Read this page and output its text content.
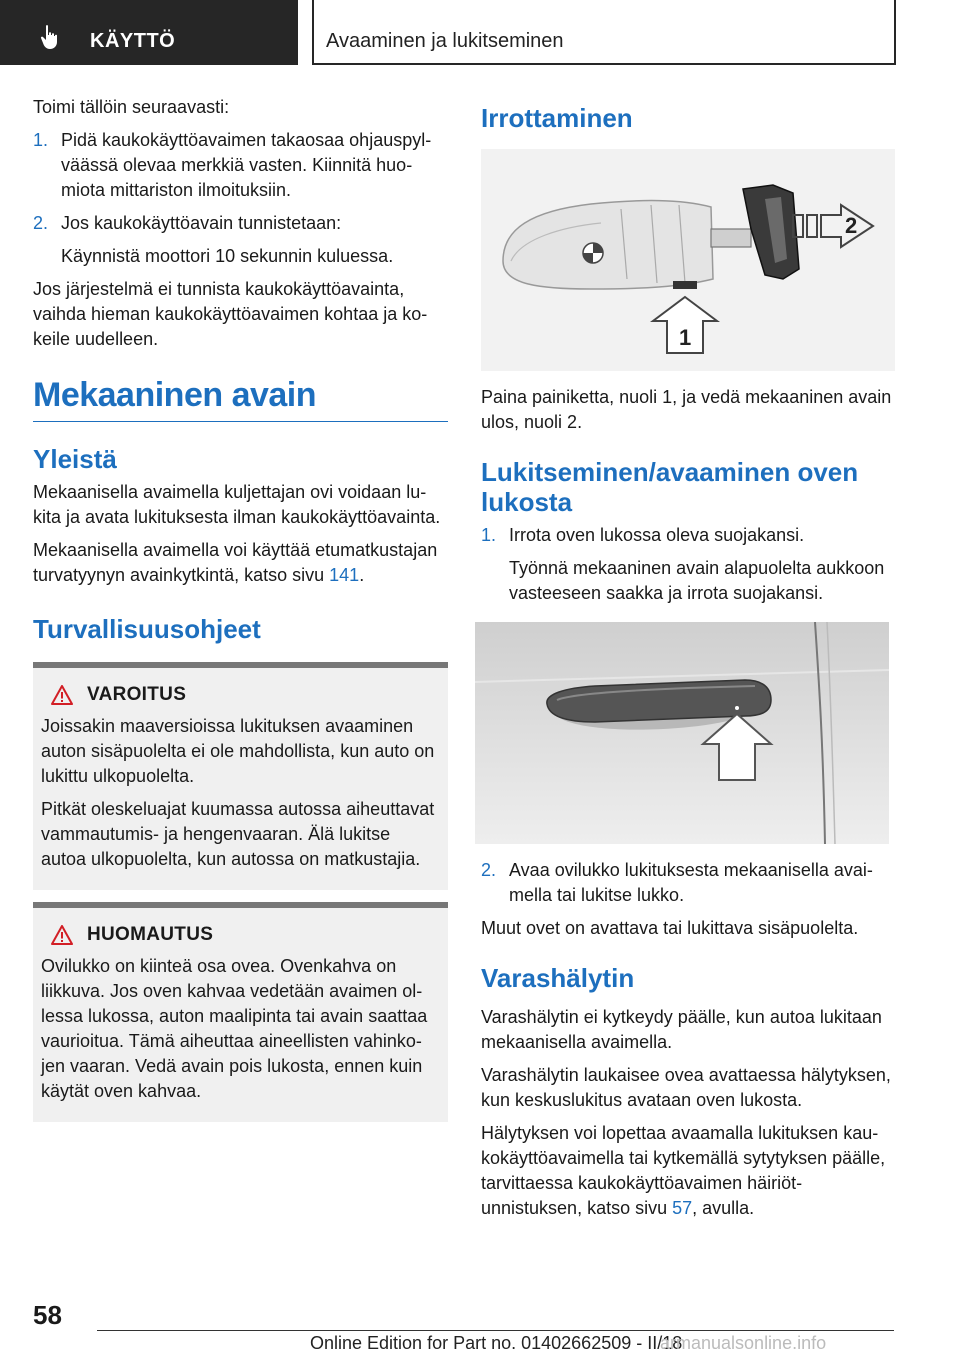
KÄYTTÖ	Avaaminen ja lukitseminen

Toimi tällöin seuraavasti:

1. Pidä kaukokäyttöavaimen takaosaa ohjauspylväässä olevaa merkkiä vasten. Kiinnitä huomiota mittariston ilmoituksiin.
2. Jos kaukokäyttöavain tunnistetaan:
Käynnistä moottori 10 sekunnin kuluessa.

Jos järjestelmä ei tunnista kaukokäyttöavainta, vaihda hieman kaukokäyttöavaimen kohtaa ja kokeile uudelleen.

Mekaaninen avain
Yleistä

Mekaanisella avaimella kuljettajan ovi voidaan lukita ja avata lukituksesta ilman kaukokäyttöavainta.

Mekaanisella avaimella voi käyttää etumatkustajan turvatyynyn avainkytkintä, katso sivu 141.

Turvallisuusohjeet
VAROITUS

Joissakin maaversioissa lukituksen avaaminen auton sisäpuolelta ei ole mahdollista, kun auto on lukittu ulkopuolelta.

Pitkät oleskeluajat kuumassa autossa aiheuttavat vammautumis- ja hengenvaaran. Älä lukitse autoa ulkopuolelta, kun autossa on matkustajia.

HUOMAUTUS

Ovilukko on kiinteä osa ovea. Ovenkahva on liikkuva. Jos oven kahvaa vedetään avaimen ollessa lukossa, auton maalipinta tai avain saattaa vaurioitua. Tämä aiheuttaa aineellisten vahinkojen vaaran. Vedä avain pois lukosta, ennen kuin käytät oven kahvaa.

Irrottaminen
2
1

Paina painiketta, nuoli 1, ja vedä mekaaninen avain ulos, nuoli 2.

Lukitseminen/avaaminen oven lukosta
1. Irrota oven lukossa oleva suojakansi.
Työnnä mekaaninen avain alapuolelta aukkoon vasteeseen saakka ja irrota suojakansi.
2. Avaa ovilukko lukituksesta mekaanisella avaimella tai lukitse lukko.

Muut ovet on avattava tai lukittava sisäpuolelta.

Varashälytin

Varashälytin ei kytkeydy päälle, kun autoa lukitaan mekaanisella avaimella.

Varashälytin laukaisee ovea avattaessa hälytyksen, kun keskuslukitus avataan oven lukosta.

Hälytyksen voi lopettaa avaamalla lukituksen kaukokäyttöavaimella tai kytkemällä sytytyksen päälle, tarvittaessa kaukokäyttöavaimen häiriötunnistuksen, katso sivu 57, avulla.

58
Online Edition for Part no. 01402662509 - II/18
armanualsonline.info
